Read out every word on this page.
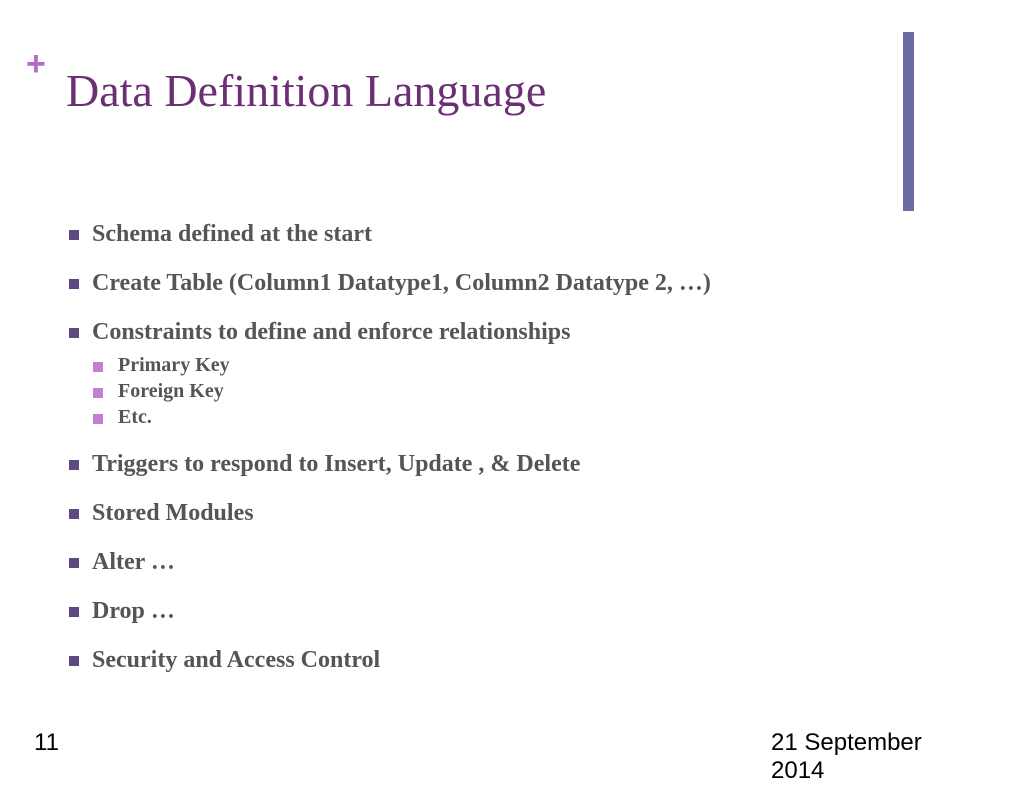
+
Data Definition Language
Schema defined at the start
Create Table (Column1 Datatype1, Column2 Datatype 2, …)
Constraints to define and enforce relationships
Primary Key
Foreign Key
Etc.
Triggers to respond to Insert, Update , & Delete
Stored Modules
Alter …
Drop …
Security and Access Control
11	21 September 2014
